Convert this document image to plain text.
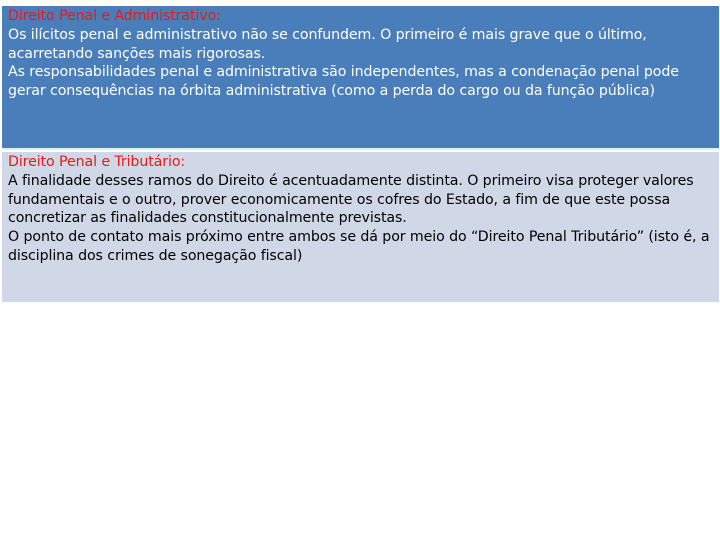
Direito Penal e Administrativo:
Os ilícitos penal e administrativo não se confundem. O primeiro é mais grave que o último, acarretando sanções mais rigorosas.
As responsabilidades penal e administrativa são independentes, mas a condenação penal pode gerar consequências na órbita administrativa (como a perda do cargo ou da função pública)
Direito Penal e Tributário:
A finalidade desses ramos do Direito é acentuadamente distinta. O primeiro visa proteger valores fundamentais e o outro, prover economicamente os cofres do Estado, a fim de que este possa concretizar as finalidades constitucionalmente previstas.
O ponto de contato mais próximo entre ambos se dá por meio do “Direito Penal Tributário” (isto é, a disciplina dos crimes de sonegação fiscal)
